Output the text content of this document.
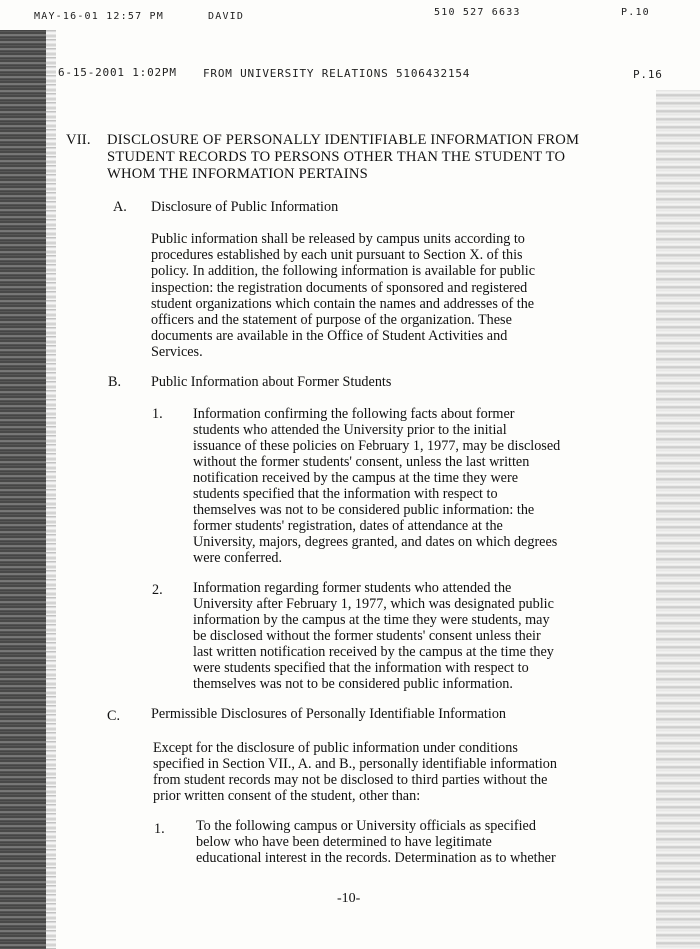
MAY-16-01 12:57 PM	DAVID	510 527 6633	P.10
6-15-2001 1:02PM FROM UNIVERSITY RELATIONS 5106432154	P.16
VII. DISCLOSURE OF PERSONALLY IDENTIFIABLE INFORMATION FROM
STUDENT RECORDS TO PERSONS OTHER THAN THE STUDENT TO
WHOM THE INFORMATION PERTAINS
A. Disclosure of Public Information
Public information shall be released by campus units according to
procedures established by each unit pursuant to Section X. of this
policy. In addition, the following information is available for public
inspection: the registration documents of sponsored and registered
student organizations which contain the names and addresses of the
officers and the statement of purpose of the organization. These
documents are available in the Office of Student Activities and
Services.
B. Public Information about Former Students
1. Information confirming the following facts about former
students who attended the University prior to the initial
issuance of these policies on February 1, 1977, may be disclosed
without the former students' consent, unless the last written
notification received by the campus at the time they were
students specified that the information with respect to
themselves was not to be considered public information: the
former students' registration, dates of attendance at the
University, majors, degrees granted, and dates on which degrees
were conferred.
2. Information regarding former students who attended the
University after February 1, 1977, which was designated public
information by the campus at the time they were students, may
be disclosed without the former students' consent unless their
last written notification received by the campus at the time they
were students specified that the information with respect to
themselves was not to be considered public information.
C. Permissible Disclosures of Personally Identifiable Information
Except for the disclosure of public information under conditions
specified in Section VII., A. and B., personally identifiable information
from student records may not be disclosed to third parties without the
prior written consent of the student, other than:
1. To the following campus or University officials as specified
below who have been determined to have legitimate
educational interest in the records. Determination as to whether
-10-
